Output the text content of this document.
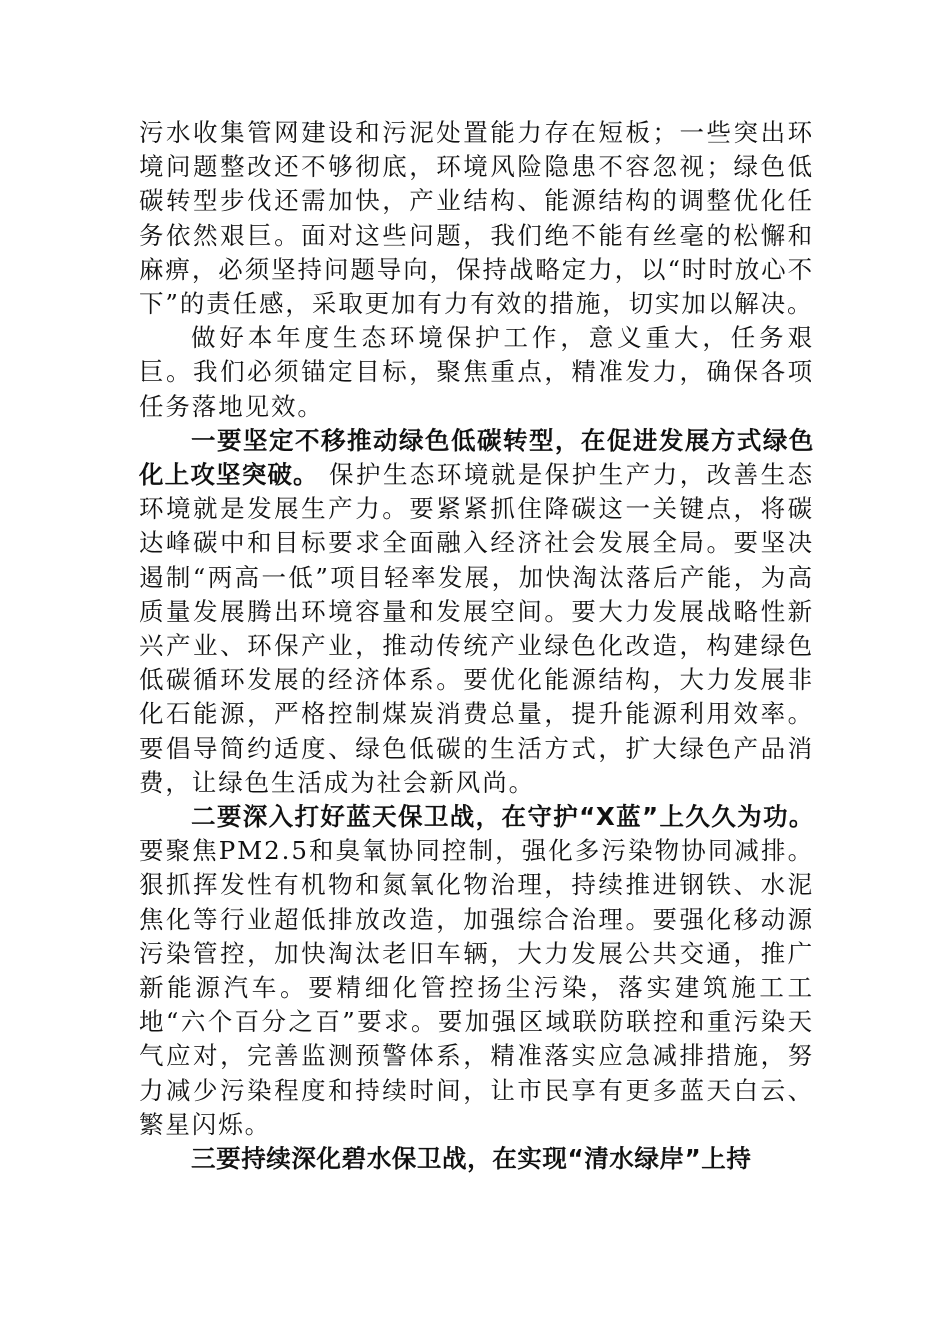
污水收集管网建设和污泥处置能力存在短板；一些突出环境问题整改还不够彻底，环境风险隐患不容忽视；绿色低碳转型步伐还需加快，产业结构、能源结构的调整优化任务依然艰巨。面对这些问题，我们绝不能有丝毫的松懈和麻痹，必须坚持问题导向，保持战略定力，以“时时放心不下”的责任感，采取更加有力有效的措施，切实加以解决。

做好本年度生态环境保护工作，意义重大，任务艰巨。我们必须锚定目标，聚焦重点，精准发力，确保各项任务落地见效。

一要坚定不移推动绿色低碳转型，在促进发展方式绿色化上攻坚突破。 保护生态环境就是保护生产力，改善生态环境就是发展生产力。要紧紧抓住降碳这一关键点，将碳达峰碳中和目标要求全面融入经济社会发展全局。要坚决遏制“两高一低”项目轻率发展，加快淘汰落后产能，为高质量发展腾出环境容量和发展空间。要大力发展战略性新兴产业、环保产业，推动传统产业绿色化改造，构建绿色低碳循环发展的经济体系。要优化能源结构，大力发展非化石能源，严格控制煤炭消费总量，提升能源利用效率。要倡导简约适度、绿色低碳的生活方式，扩大绿色产品消费，让绿色生活成为社会新风尚。

二要深入打好蓝天保卫战，在守护“X蓝”上久久为功。 要聚焦PM2.5和臭氧协同控制，强化多污染物协同减排。狠抓挥发性有机物和氮氧化物治理，持续推进钢铁、水泥焦化等行业超低排放改造，加强综合治理。要强化移动源污染管控，加快淘汰老旧车辆，大力发展公共交通，推广新能源汽车。要精细化管控扬尘污染，落实建筑施工工地“六个百分之百”要求。要加强区域联防联控和重污染天气应对，完善监测预警体系，精准落实应急减排措施，努力减少污染程度和持续时间，让市民享有更多蓝天白云、繁星闪烁。

三要持续深化碧水保卫战，在实现“清水绿岸”上持
